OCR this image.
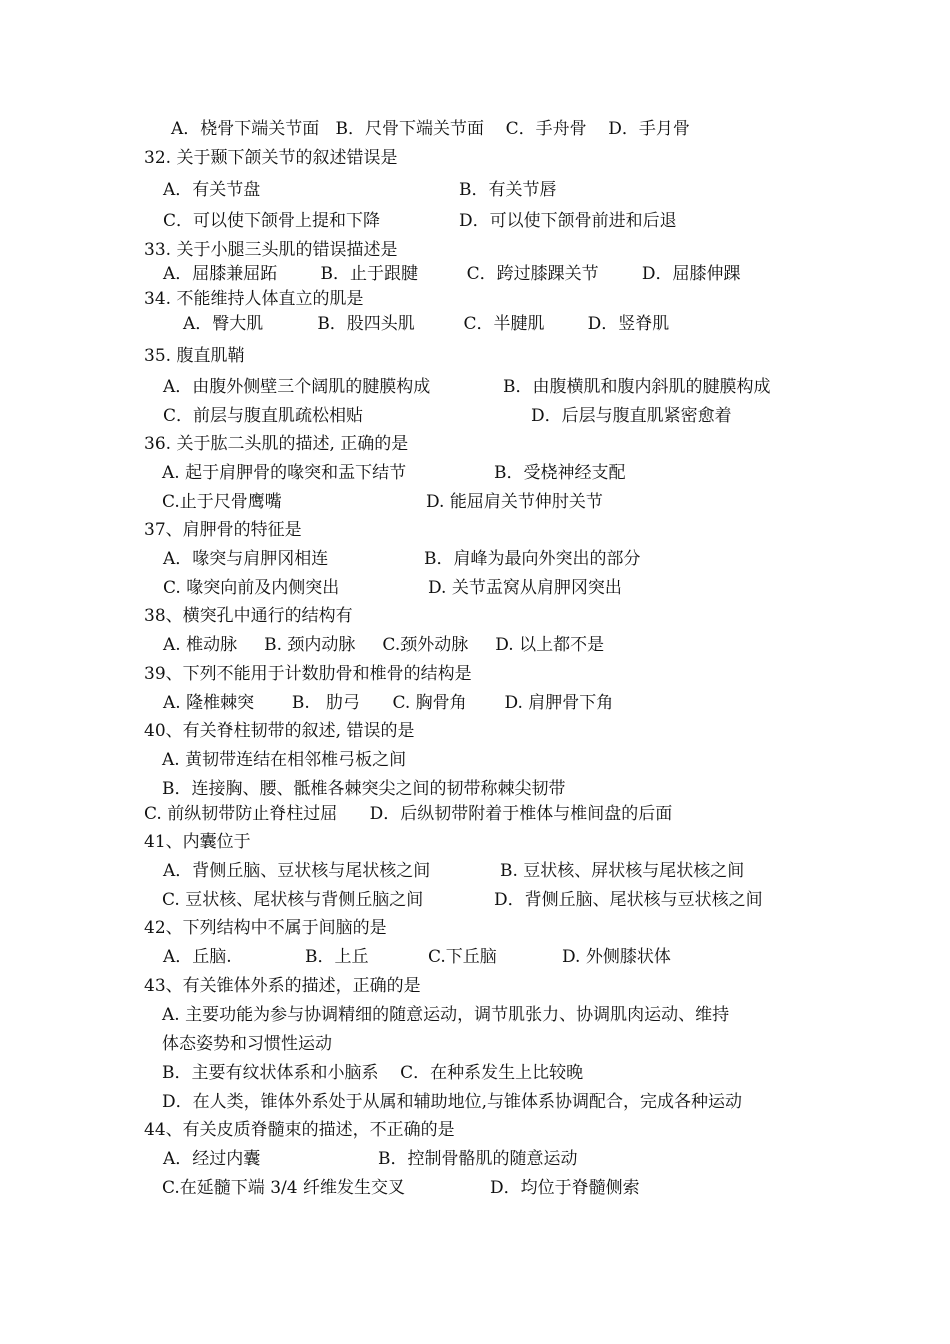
A．桡骨下端关节面   B．尺骨下端关节面    C．手舟骨    D．手月骨
32. 关于颞下颌关节的叙述错误是
A．有关节盘	B．有关节唇
C．可以使下颌骨上提和下降	D．可以使下颌骨前进和后退
33. 关于小腿三头肌的错误描述是
A．屈膝兼屈跖        B．止于跟腱         C．跨过膝踝关节        D．屈膝伸踝
34. 不能维持人体直立的肌是
A．臀大肌          B．股四头肌         C．半腱肌        D．竖脊肌
35. 腹直肌鞘
A．由腹外侧壁三个阔肌的腱膜构成	B．由腹横肌和腹内斜肌的腱膜构成
C．前层与腹直肌疏松相贴	D．后层与腹直肌紧密愈着
36. 关于肱二头肌的描述, 正确的是
A. 起于肩胛骨的喙突和盂下结节	B．受桡神经支配
C.止于尺骨鹰嘴	D. 能屈肩关节伸肘关节
37、肩胛骨的特征是
A．喙突与肩胛冈相连	B．肩峰为最向外突出的部分
C. 喙突向前及内侧突出	D. 关节盂窝从肩胛冈突出
38、横突孔中通行的结构有
A. 椎动脉     B. 颈内动脉     C.颈外动脉     D. 以上都不是
39、下列不能用于计数肋骨和椎骨的结构是
A. 隆椎棘突       B.   肋弓      C. 胸骨角       D. 肩胛骨下角
40、有关脊柱韧带的叙述, 错误的是
A. 黄韧带连结在相邻椎弓板之间
B．连接胸、腰、骶椎各棘突尖之间的韧带称棘尖韧带
C. 前纵韧带防止脊柱过屈      D．后纵韧带附着于椎体与椎间盘的后面
41、内囊位于
A．背侧丘脑、豆状核与尾状核之间	B. 豆状核、屏状核与尾状核之间
C. 豆状核、尾状核与背侧丘脑之间	D．背侧丘脑、尾状核与豆状核之间
42、下列结构中不属于间脑的是
A．丘脑.	B．上丘	C.下丘脑	D. 外侧膝状体
43、有关锥体外系的描述，正确的是
A. 主要功能为参与协调精细的随意运动，调节肌张力、协调肌肉运动、维持
体态姿势和习惯性运动
B．主要有纹状体系和小脑系    C．在种系发生上比较晚
D．在人类，锥体外系处于从属和辅助地位,与锥体系协调配合，完成各种运动
44、有关皮质脊髓束的描述，不正确的是
A．经过内囊	B．控制骨骼肌的随意运动
C.在延髓下端 3/4 纤维发生交叉	D．均位于脊髓侧索
